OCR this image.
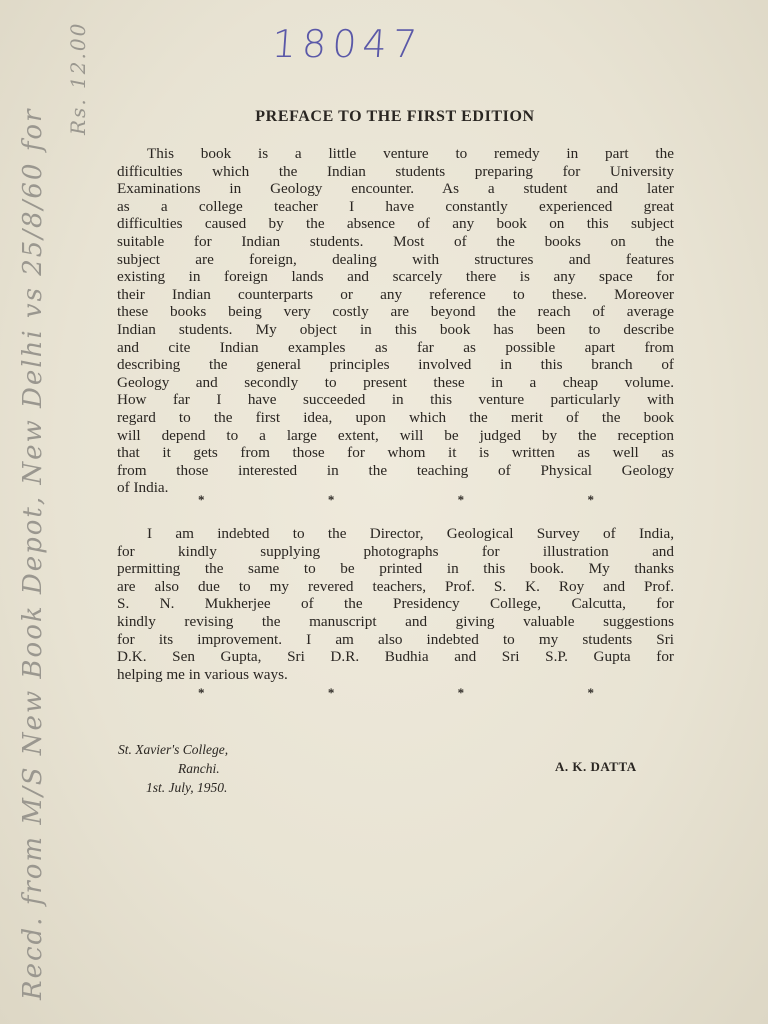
18047
Recd. from M/S New Book Depot, New Delhi vs 25/8/60 for
Rs. 12.00	PREFACE TO THE FIRST EDITION
This book is a little venture to remedy in part the
difficulties which the Indian students preparing for University
Examinations in Geology encounter. As a student and later
as a college teacher I have constantly experienced great
difficulties caused by the absence of any book on this subject
suitable for Indian students. Most of the books on the
subject are foreign, dealing with structures and features
existing in foreign lands and scarcely there is any space for
their Indian counterparts or any reference to these. Moreover
these books being very costly are beyond the reach of average
Indian students. My object in this book has been to describe
and cite Indian examples as far as possible apart from
describing the general principles involved in this branch of
Geology and secondly to present these in a cheap volume.
How far I have succeeded in this venture particularly with
regard to the first idea, upon which the merit of the book
will depend to a large extent, will be judged by the reception
that it gets from those for whom it is written as well as
from those interested in the teaching of Physical Geology
of India.
*	*	*	*
I am indebted to the Director, Geological Survey of India,
for kindly supplying photographs for illustration and
permitting the same to be printed in this book. My thanks
are also due to my revered teachers, Prof. S. K. Roy and Prof.
S. N. Mukherjee of the Presidency College, Calcutta, for
kindly revising the manuscript and giving valuable suggestions
for its improvement. I am also indebted to my students Sri
D.K. Sen Gupta, Sri D.R. Budhia and Sri S.P. Gupta for
helping me in various ways.
*	*	*	*
St. Xavier's College,
Ranchi.
1st. July, 1950.
A. K. DATTA
